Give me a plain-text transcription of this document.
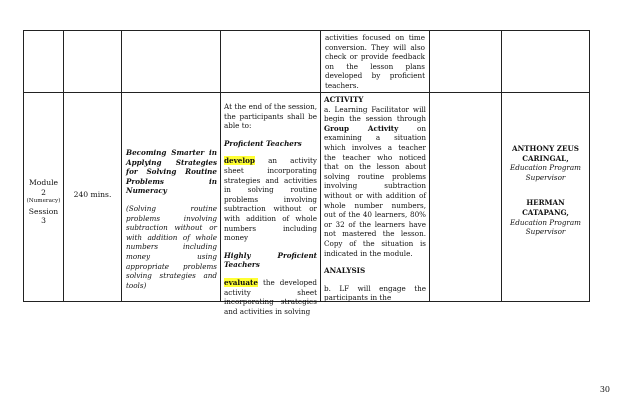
activities focused on time conversion. They will also check or provide feedback on the lesson plans developed by proficient teachers.
Module
2
(Numeracy)
Session
3
240 mins.
Becoming Smarter in Applying Strategies for Solving Routine Problems in Numeracy
(Solving routine problems involving subtraction without or with addition of whole numbers including money using appropriate problems solving strategies and tools)
At the end of the session, the participants shall be able to:
Proficient Teachers
develop an activity sheet incorporating strategies and activities in solving routine problems involving subtraction without or with addition of whole numbers including money
Highly Proficient Teachers
evaluate the developed activity sheet incorporating strategies and activities in solving
ACTIVITY
a. Learning Facilitator will begin the session through Group Activity on examining a situation which involves a teacher the teacher who noticed that on the lesson about solving routine problems involving subtraction without or with addition of whole number numbers, out of the 40 learners, 80% or 32 of the learners have not mastered the lesson. Copy of the situation is indicated in the module.
ANALYSIS
b. LF will engage the participants in the
ANTHONY ZEUS
CARINGAL,
Education Program
Supervisor
HERMAN
CATAPANG,
Education Program
Supervisor
30
